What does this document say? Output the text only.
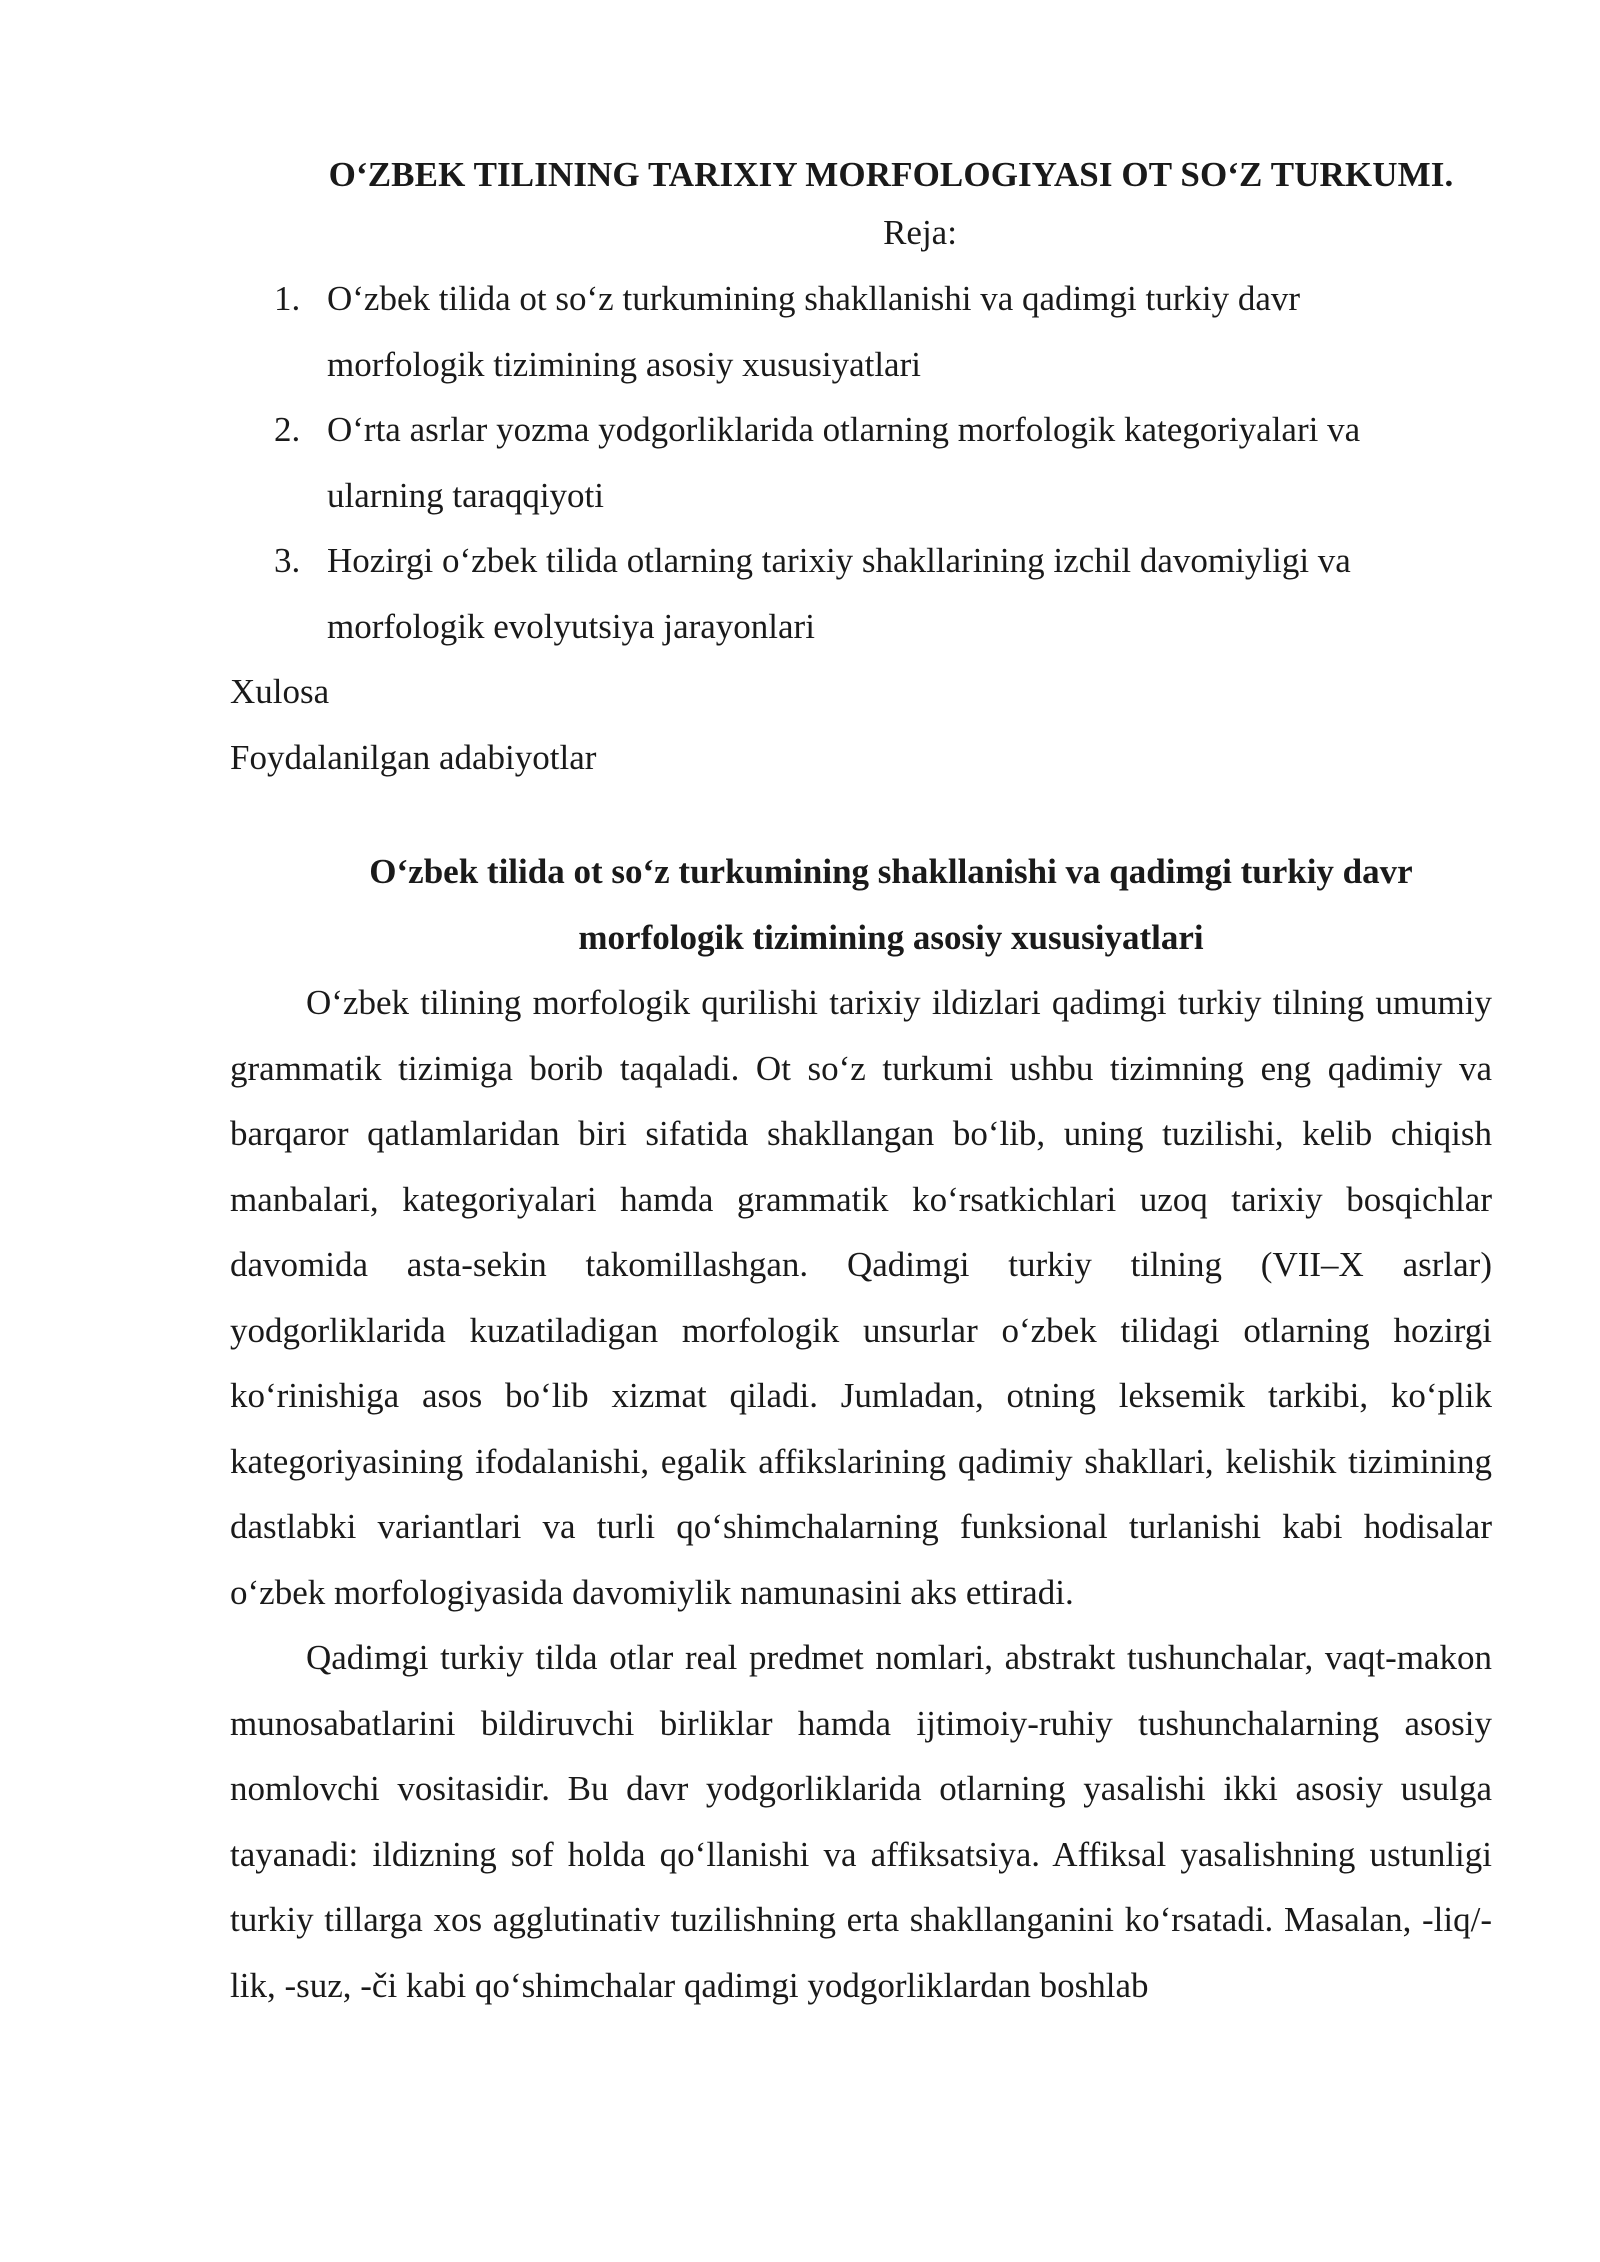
O‘ZBEK TILINING TARIXIY MORFOLOGIYASI OT SO‘Z TURKUMI.

Reja:

1. O‘zbek tilida ot so‘z turkumining shakllanishi va qadimgi turkiy davr
morfologik tizimining asosiy xususiyatlari
2. O‘rta asrlar yozma yodgorliklarida otlarning morfologik kategoriyalari va
ularning taraqqiyoti
3. Hozirgi o‘zbek tilida otlarning tarixiy shakllarining izchil davomiyligi va
morfologik evolyutsiya jarayonlari

Xulosa

Foydalanilgan adabiyotlar

O‘zbek tilida ot so‘z turkumining shakllanishi va qadimgi turkiy davr
morfologik tizimining asosiy xususiyatlari

O‘zbek tilining morfologik qurilishi tarixiy ildizlari qadimgi turkiy tilning umumiy grammatik tizimiga borib taqaladi. Ot so‘z turkumi ushbu tizimning eng qadimiy va barqaror qatlamlaridan biri sifatida shakllangan bo‘lib, uning tuzilishi, kelib chiqish manbalari, kategoriyalari hamda grammatik ko‘rsatkichlari uzoq tarixiy bosqichlar davomida asta-sekin takomillashgan. Qadimgi turkiy tilning (VII–X asrlar) yodgorliklarida kuzatiladigan morfologik unsurlar o‘zbek tilidagi otlarning hozirgi ko‘rinishiga asos bo‘lib xizmat qiladi. Jumladan, otning leksemik tarkibi, ko‘plik kategoriyasining ifodalanishi, egalik affikslarining qadimiy shakllari, kelishik tizimining dastlabki variantlari va turli qo‘shimchalarning funksional turlanishi kabi hodisalar o‘zbek morfologiyasida davomiylik namunasini aks ettiradi.

Qadimgi turkiy tilda otlar real predmet nomlari, abstrakt tushunchalar, vaqt-makon munosabatlarini bildiruvchi birliklar hamda ijtimoiy-ruhiy tushunchalarning asosiy nomlovchi vositasidir. Bu davr yodgorliklarida otlarning yasalishi ikki asosiy usulga tayanadi: ildizning sof holda qo‘llanishi va affiksatsiya. Affiksal yasalishning ustunligi turkiy tillarga xos agglutinativ tuzilishning erta shakllanganini ko‘rsatadi. Masalan, -liq/-lik, -suz, -či kabi qo‘shimchalar qadimgi yodgorliklardan boshlab
